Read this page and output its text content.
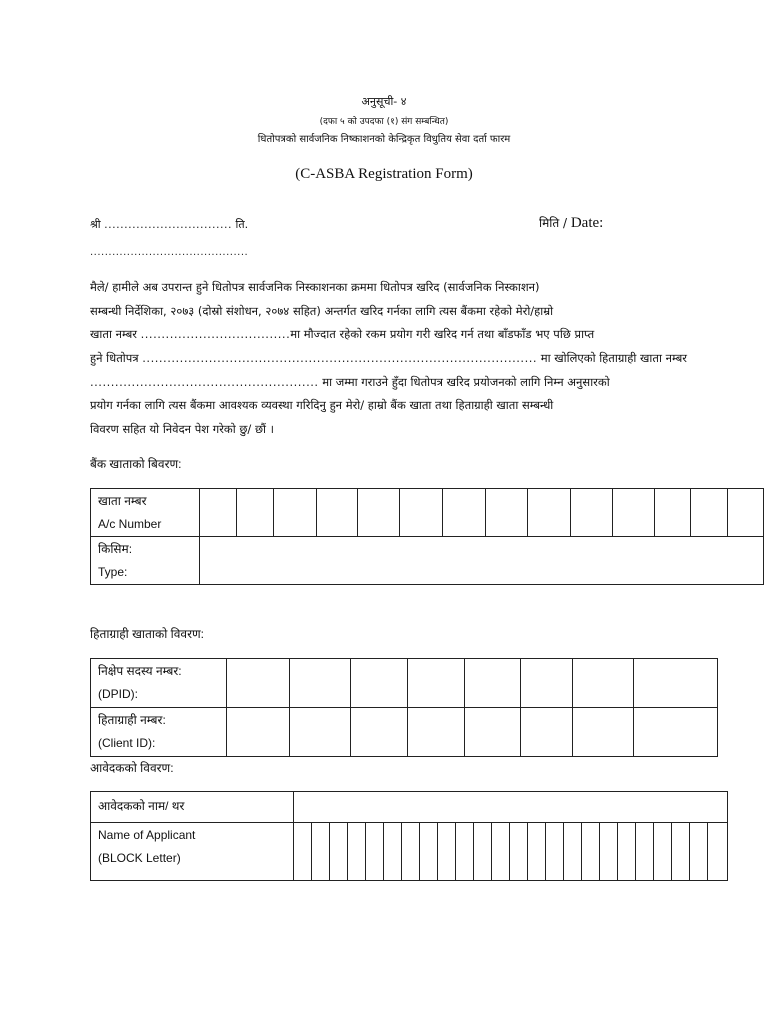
अनुसूची- ४
(दफा ५ को उपदफा (१) संग सम्बन्धित)
धितोपत्रको सार्वजनिक निष्काशनको केन्द्रिकृत विधुतिय सेवा दर्ता फारम
(C-ASBA Registration Form)
श्री ................................ ति.	मिति / Date:
...........................................
मैले/ हामीले अब उपरान्त हुने धितोपत्र सार्वजनिक निस्काशनका क्रममा धितोपत्र खरिद (सार्वजनिक निस्काशन)
सम्बन्धी निर्देशिका, २०७३ (दोस्रो संशोधन, २०७४ सहित) अन्तर्गत खरिद गर्नका लागि त्यस बैंकमा रहेको मेरो/हाम्रो
खाता नम्बर ....................................मा मौज्दात रहेको रकम प्रयोग गरी खरिद गर्न तथा बाँडफाँड भए पछि प्राप्त
हुने धितोपत्र ............................................................................................... मा खोलिएको हिताग्राही खाता नम्बर
....................................................... मा जम्मा गराउने हुँदा धितोपत्र खरिद प्रयोजनको लागि निम्न अनुसारको
प्रयोग गर्नका लागि त्यस बैंकमा आवश्यक व्यवस्था गरिदिनु हुन मेरो/ हाम्रो बैंक खाता तथा हिताग्राही खाता सम्बन्धी
विवरण सहित यो निवेदन पेश गरेको छु/ छौं ।
बैंक खाताको बिवरण:
खाता नम्बर
A/c Number														

किसिम:
Type:														

हिताग्राही खाताको विवरण:
निक्षेप सदस्य नम्बर:
(DPID):								

हिताग्राही नम्बर:
(Client ID):								

आवेदकको विवरण:
आवेदकको नाम/ थर																								

Name of Applicant
(BLOCK Letter)																								
